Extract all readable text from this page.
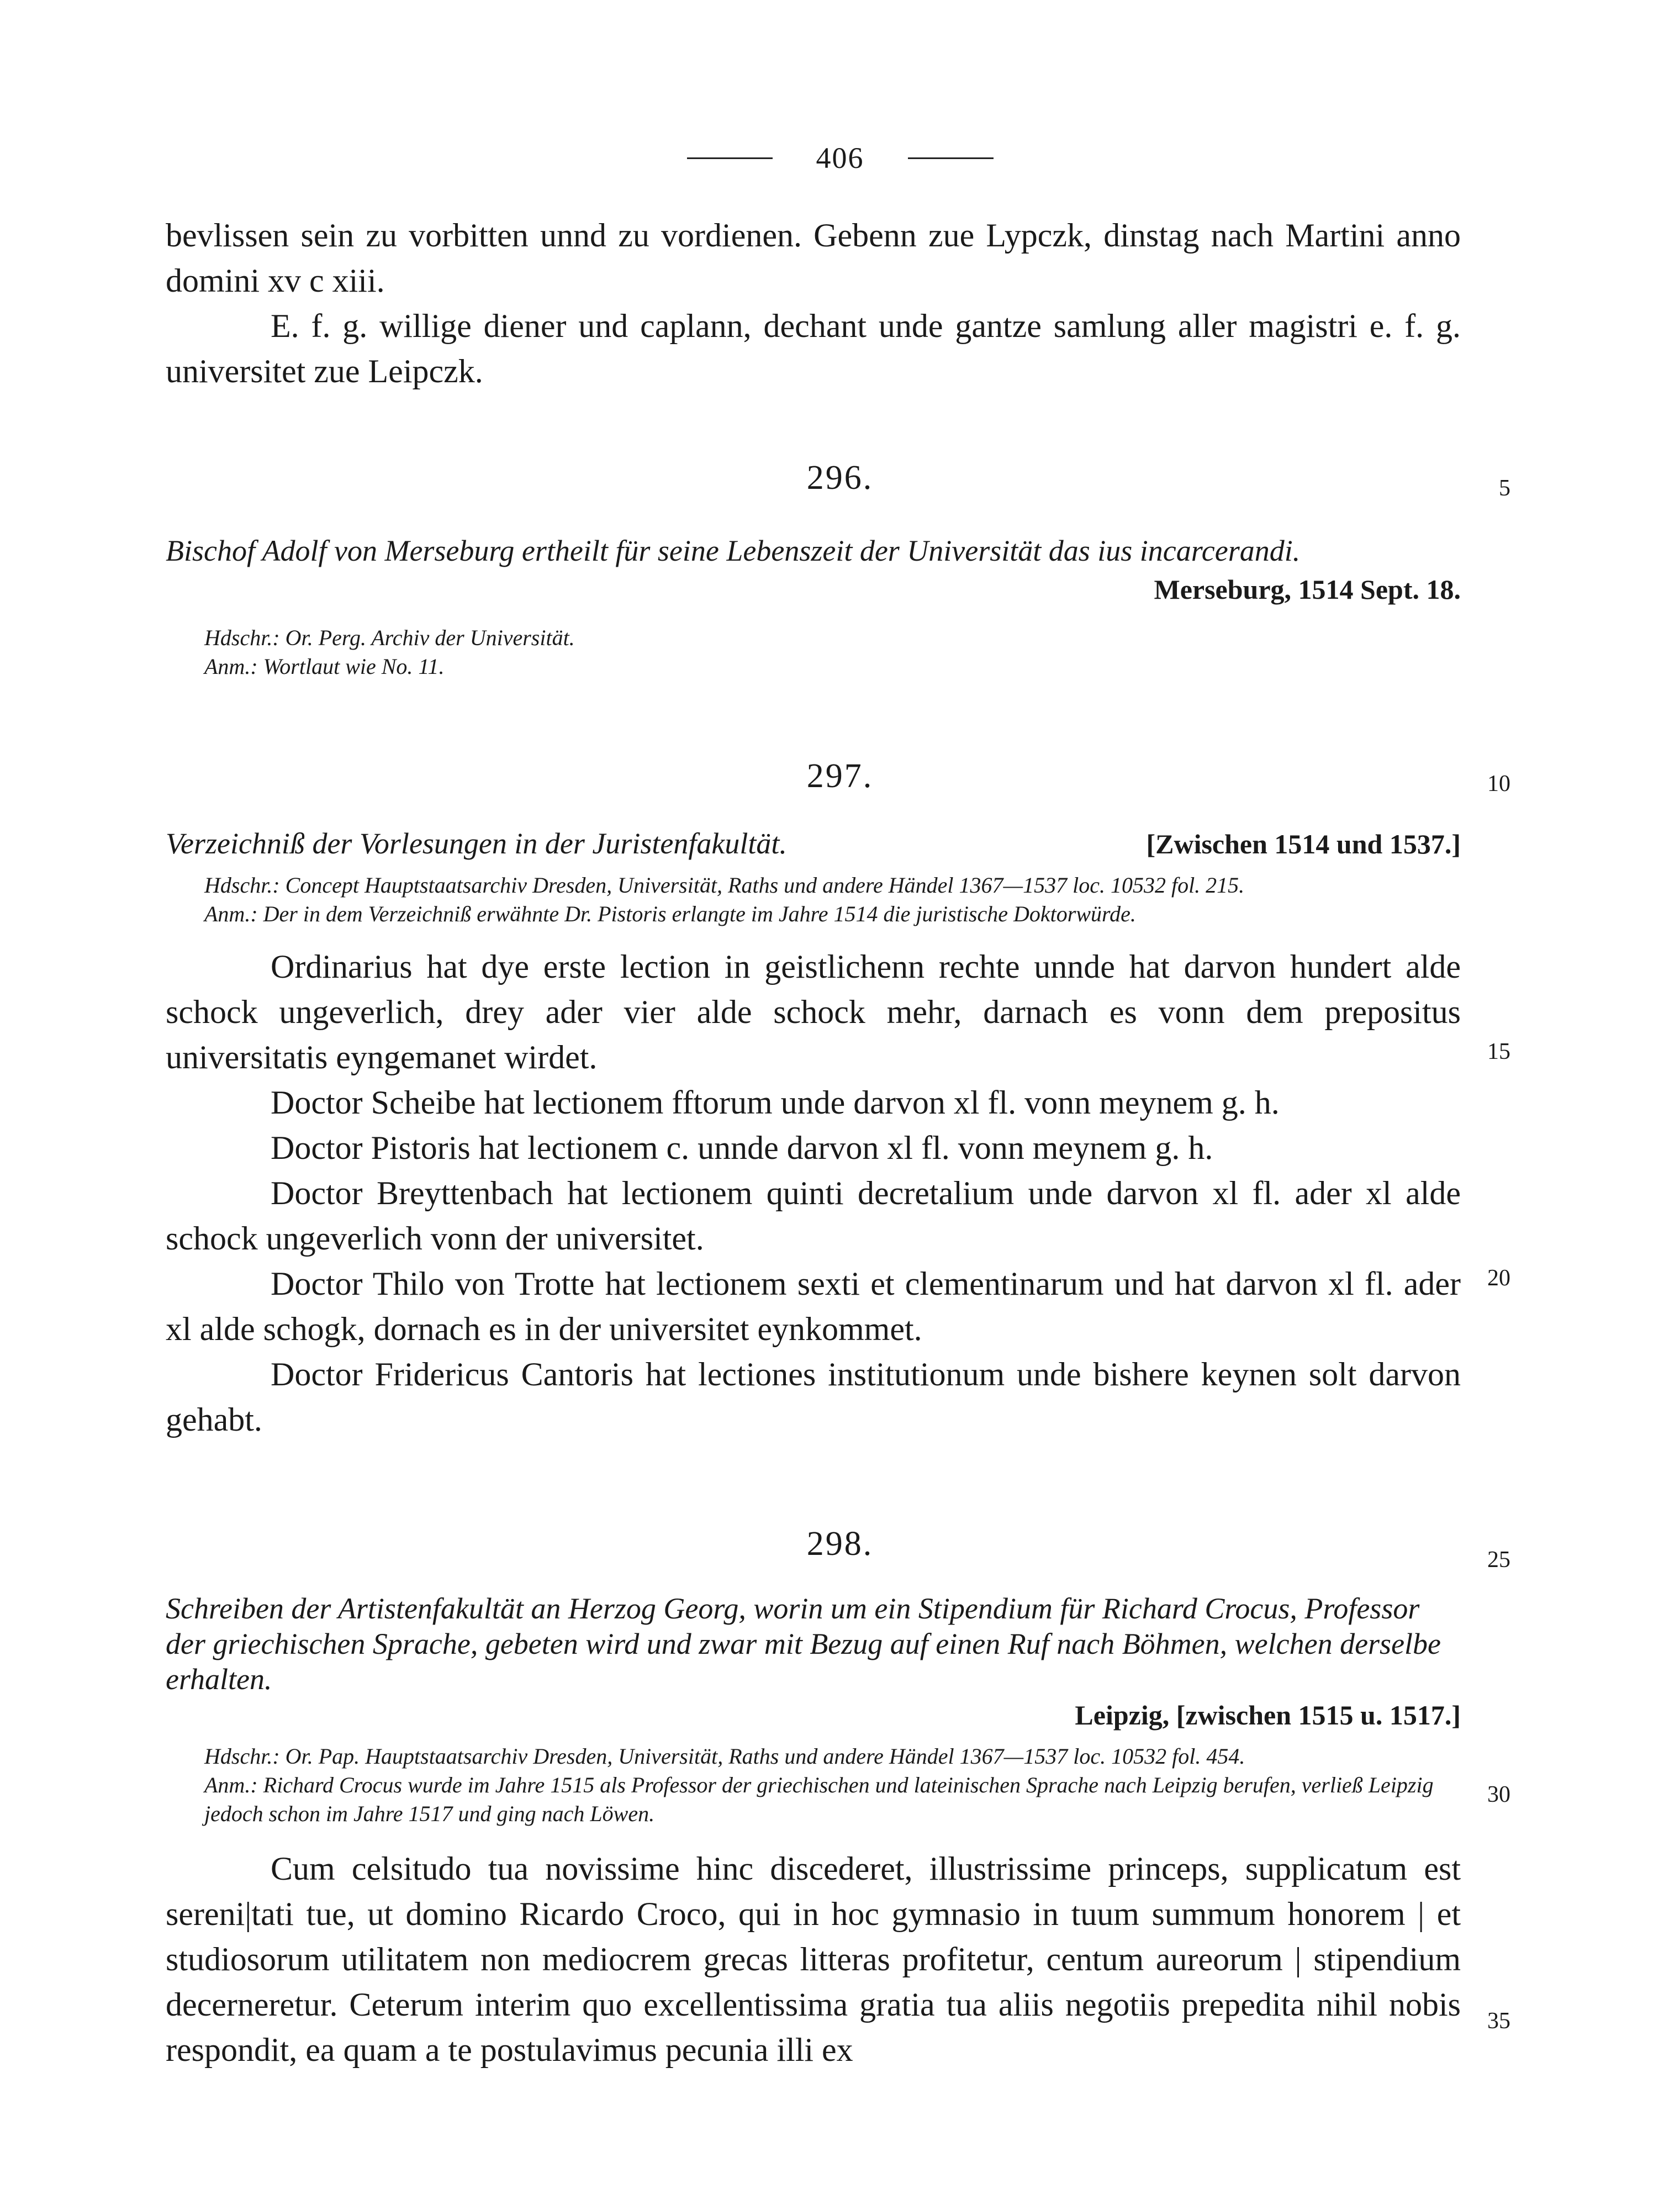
406

bevlissen sein zu vorbitten unnd zu vordienen. Gebenn zue Lypczk, dinstag nach Martini anno domini xv c xiii.

E. f. g. willige diener und caplann, dechant unde gantze samlung aller magistri e. f. g. universitet zue Leipczk.

296.

Bischof Adolf von Merseburg ertheilt für seine Lebenszeit der Universität das ius incarcerandi.

Merseburg, 1514 Sept. 18.

Hdschr.: Or. Perg. Archiv der Universität.

Anm.: Wortlaut wie No. 11.

297.

Verzeichniß der Vorlesungen in der Juristenfakultät.	[Zwischen 1514 und 1537.]

Hdschr.: Concept Hauptstaatsarchiv Dresden, Universität, Raths und andere Händel 1367—1537 loc. 10532 fol. 215.

Anm.: Der in dem Verzeichniß erwähnte Dr. Pistoris erlangte im Jahre 1514 die juristische Doktorwürde.

Ordinarius hat dye erste lection in geistlichenn rechte unnde hat darvon hundert alde schock ungeverlich, drey ader vier alde schock mehr, darnach es vonn dem prepositus universitatis eyngemanet wirdet.

Doctor Scheibe hat lectionem fftorum unde darvon xl fl. vonn meynem g. h.

Doctor Pistoris hat lectionem c. unnde darvon xl fl. vonn meynem g. h.

Doctor Breyttenbach hat lectionem quinti decretalium unde darvon xl fl. ader xl alde schock ungeverlich vonn der universitet.

Doctor Thilo von Trotte hat lectionem sexti et clementinarum und hat darvon xl fl. ader xl alde schogk, dornach es in der universitet eynkommet.

Doctor Fridericus Cantoris hat lectiones institutionum unde bishere keynen solt darvon gehabt.

298.

Schreiben der Artistenfakultät an Herzog Georg, worin um ein Stipendium für Richard Crocus, Professor der griechischen Sprache, gebeten wird und zwar mit Bezug auf einen Ruf nach Böhmen, welchen derselbe erhalten.

Leipzig, [zwischen 1515 u. 1517.]

Hdschr.: Or. Pap. Hauptstaatsarchiv Dresden, Universität, Raths und andere Händel 1367—1537 loc. 10532 fol. 454.

Anm.: Richard Crocus wurde im Jahre 1515 als Professor der griechischen und lateinischen Sprache nach Leipzig berufen, verließ Leipzig jedoch schon im Jahre 1517 und ging nach Löwen.

Cum celsitudo tua novissime hinc discederet, illustrissime princeps, supplicatum est sereni|tati tue, ut domino Ricardo Croco, qui in hoc gymnasio in tuum summum honorem | et studiosorum utilitatem non mediocrem grecas litteras profitetur, centum aureorum | stipendium decerneretur. Ceterum interim quo excellentissima gratia tua aliis negotiis prepedita nihil nobis respondit, ea quam a te postulavimus pecunia illi ex

5
10
15
20
25
30
35
